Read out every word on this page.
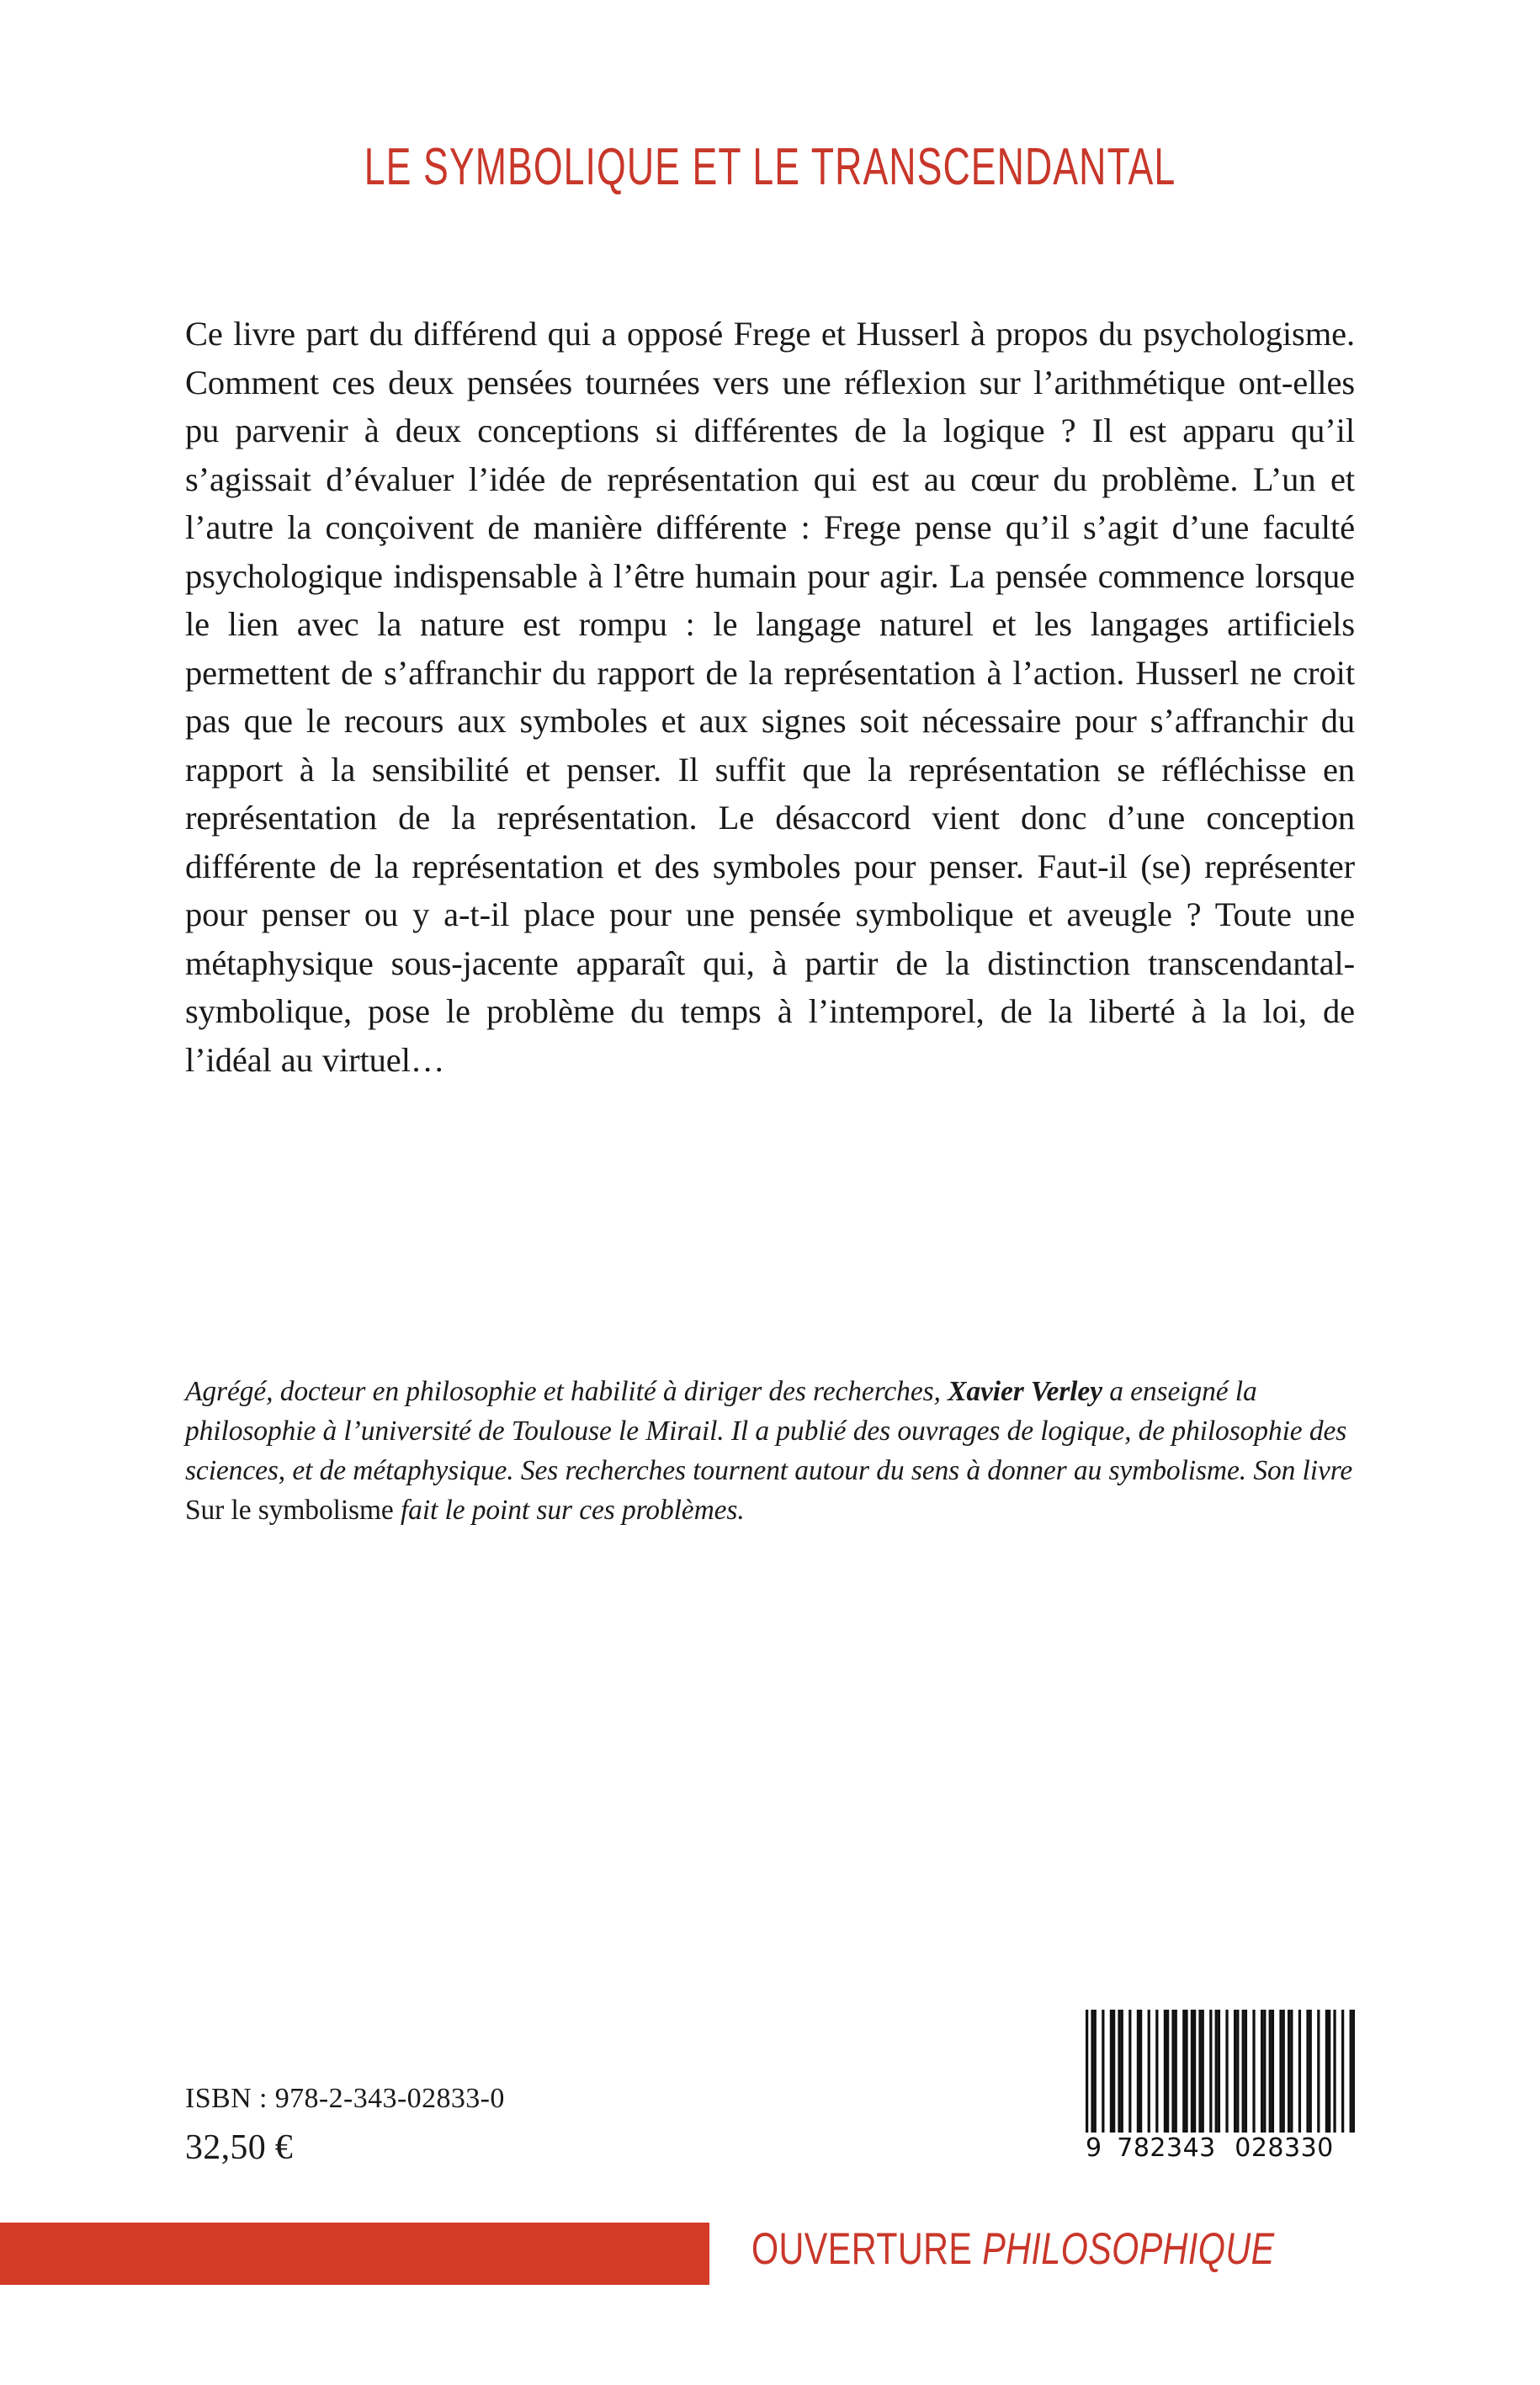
LE SYMBOLIQUE ET LE TRANSCENDANTAL
Ce livre part du différend qui a opposé Frege et Husserl à propos du psychologisme. Comment ces deux pensées tournées vers une réflexion sur l’arithmétique ont-elles pu parvenir à deux conceptions si différentes de la logique ? Il est apparu qu’il s’agissait d’évaluer l’idée de représentation qui est au cœur du problème. L’un et l’autre la conçoivent de manière différente : Frege pense qu’il s’agit d’une faculté psychologique indispensable à l’être humain pour agir. La pensée commence lorsque le lien avec la nature est rompu : le langage naturel et les langages artificiels permettent de s’affranchir du rapport de la représentation à l’action. Husserl ne croit pas que le recours aux symboles et aux signes soit nécessaire pour s’affranchir du rapport à la sensibilité et penser. Il suffit que la représentation se réfléchisse en représentation de la représentation. Le désaccord vient donc d’une conception différente de la représentation et des symboles pour penser. Faut-il (se) représenter pour penser ou y a-t-il place pour une pensée symbolique et aveugle ? Toute une métaphysique sous-jacente apparaît qui, à partir de la distinction transcendantal-symbolique, pose le problème du temps à l’intemporel, de la liberté à la loi, de l’idéal au virtuel…
Agrégé, docteur en philosophie et habilité à diriger des recherches, Xavier Verley a enseigné la philosophie à l’université de Toulouse le Mirail. Il a publié des ouvrages de logique, de philosophie des sciences, et de métaphysique. Ses recherches tournent autour du sens à donner au symbolisme. Son livre Sur le symbolisme fait le point sur ces problèmes.
ISBN : 978-2-343-02833-0
32,50 €	9 782343 028330
OUVERTURE PHILOSOPHIQUE
